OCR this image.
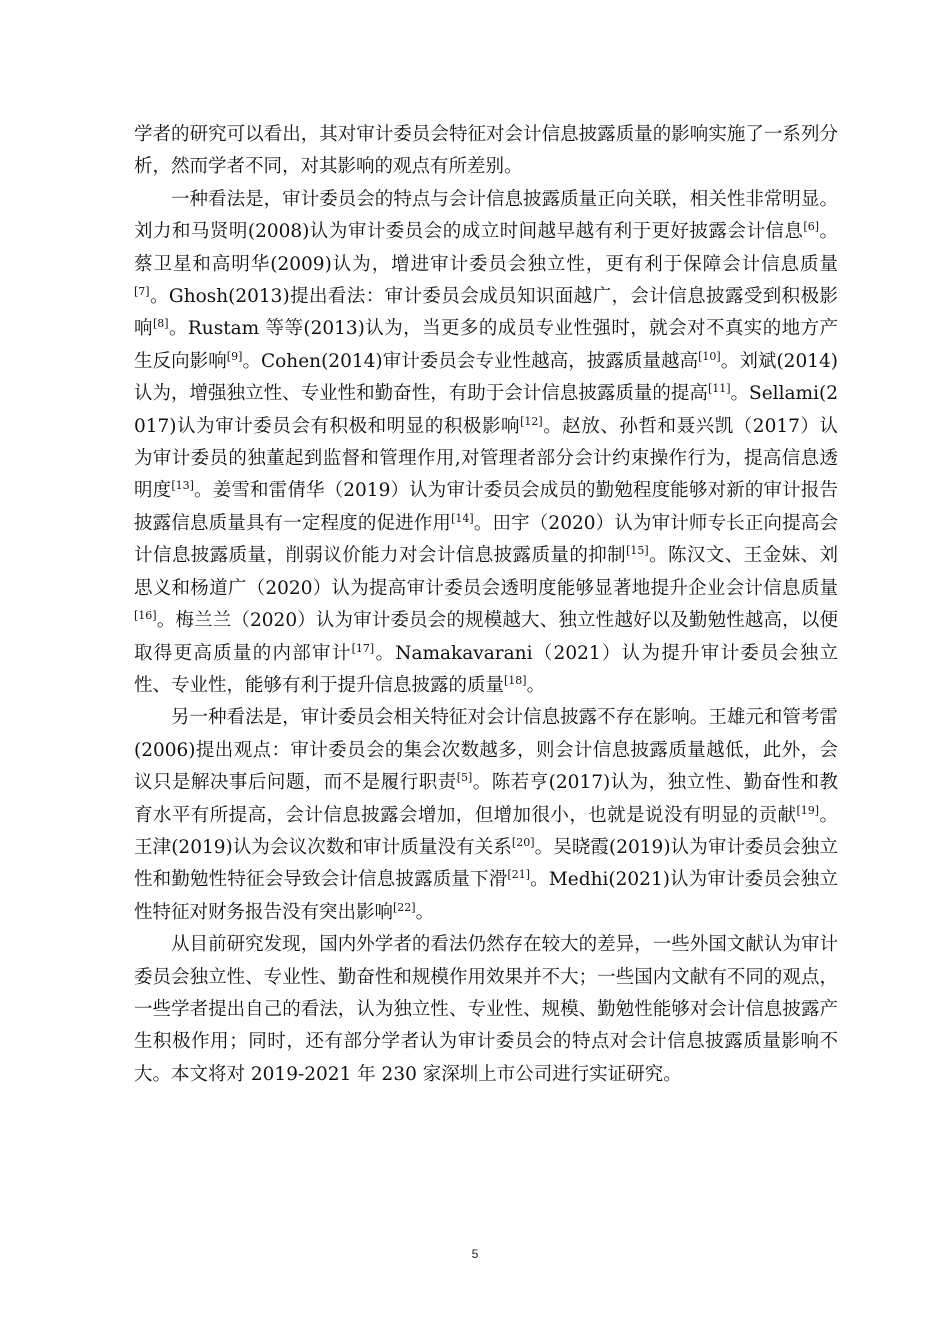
学者的研究可以看出，其对审计委员会特征对会计信息披露质量的影响实施了一系列分析，然而学者不同，对其影响的观点有所差别。

一种看法是，审计委员会的特点与会计信息披露质量正向关联，相关性非常明显。刘力和马贤明(2008)认为审计委员会的成立时间越早越有利于更好披露会计信息[6]。蔡卫星和高明华(2009)认为，增进审计委员会独立性，更有利于保障会计信息质量[7]。Ghosh(2013)提出看法：审计委员会成员知识面越广，会计信息披露受到积极影响[8]。Rustam 等等(2013)认为，当更多的成员专业性强时，就会对不真实的地方产生反向影响[9]。Cohen(2014)审计委员会专业性越高，披露质量越高[10]。刘斌(2014)认为，增强独立性、专业性和勤奋性，有助于会计信息披露质量的提高[11]。Sellami(2017)认为审计委员会有积极和明显的积极影响[12]。赵放、孙哲和聂兴凯（2017）认为审计委员的独董起到监督和管理作用,对管理者部分会计约束操作行为，提高信息透明度[13]。姜雪和雷倩华（2019）认为审计委员会成员的勤勉程度能够对新的审计报告披露信息质量具有一定程度的促进作用[14]。田宇（2020）认为审计师专长正向提高会计信息披露质量，削弱议价能力对会计信息披露质量的抑制[15]。陈汉文、王金妹、刘思义和杨道广（2020）认为提高审计委员会透明度能够显著地提升企业会计信息质量[16]。梅兰兰（2020）认为审计委员会的规模越大、独立性越好以及勤勉性越高，以便取得更高质量的内部审计[17]。Namakavarani（2021）认为提升审计委员会独立性、专业性，能够有利于提升信息披露的质量[18]。

另一种看法是，审计委员会相关特征对会计信息披露不存在影响。王雄元和管考雷(2006)提出观点：审计委员会的集会次数越多，则会计信息披露质量越低，此外，会议只是解决事后问题，而不是履行职责[5]。陈若亨(2017)认为，独立性、勤奋性和教育水平有所提高，会计信息披露会增加，但增加很小，也就是说没有明显的贡献[19]。王津(2019)认为会议次数和审计质量没有关系[20]。吴晓霞(2019)认为审计委员会独立性和勤勉性特征会导致会计信息披露质量下滑[21]。Medhi(2021)认为审计委员会独立性特征对财务报告没有突出影响[22]。

从目前研究发现，国内外学者的看法仍然存在较大的差异，一些外国文献认为审计委员会独立性、专业性、勤奋性和规模作用效果并不大；一些国内文献有不同的观点，一些学者提出自己的看法，认为独立性、专业性、规模、勤勉性能够对会计信息披露产生积极作用；同时，还有部分学者认为审计委员会的特点对会计信息披露质量影响不大。本文将对 2019-2021 年 230 家深圳上市公司进行实证研究。

5
